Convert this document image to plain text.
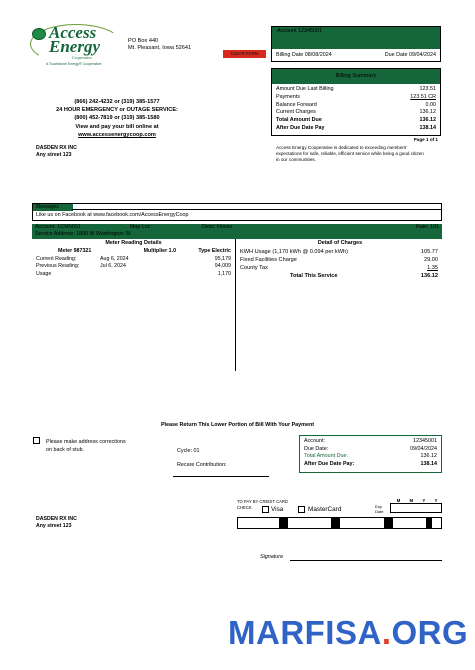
Access Energy
Cooperative
A Touchstone Energy® Cooperative
PO Box 440
Mt. Pleasant, Iowa 52641
CLEAR FORM
Account 12345001
Billing Date 08/08/2024	Due Date 09/04/2024
(866) 242-4232 or (319) 385-1577
24 HOUR EMERGENCY or OUTAGE SERVICE:
(800) 452-7819 or (319) 385-1580
View and pay your bill online at
www.accessenergycoop.com
DASDEN RX INC
Any street 123
Billing Summary
Amount Due Last Billing	123.51
Payments	123.51 CR
Balance Forward	0.00
Current Charges	136.12
Total Amount Due	136.12
After Due Date Pay	138.14
Page 1 of 1
Access Energy Cooperative is dedicated to exceeding members' expectations for safe, reliable, efficient service while being a good citizen in our communities.
Messages
Like us on Facebook at www.facebook.com/AccessEnergyCoop
Account: 12345001	Map Loc:	Desc: House	Rate: 101
Service Address: 1800 W Washington St
Meter Reading Details
Meter 987321	Multiplier 1.0	Type Electric
Current Reading:	Aug 6, 2024	95,179
Previous Reading:	Jul 6, 2024	94,009
Usage	1,170
Detail of Charges
KWH Usage (1,170 kWh @ 0.094 per kWh)	105.77
Fixed Facilities Charge	29.00
County Tax	1.35
Total This Service	136.12
Please Return This Lower Portion of Bill With Your Payment
Please make address corrections
on back of stub.	Cycle: 01
Recare Contribution:
Account:	12345001
Due Date:	09/04/2024
Total Amount Due:	136.12
After Due Date Pay:	138.14
TO PAY BY CREDIT CARD
CHECK	Visa	MasterCard	Exp
Date
M M Y Y
DASDEN RX INC
Any street 123
Signature
MARFISA.ORG
